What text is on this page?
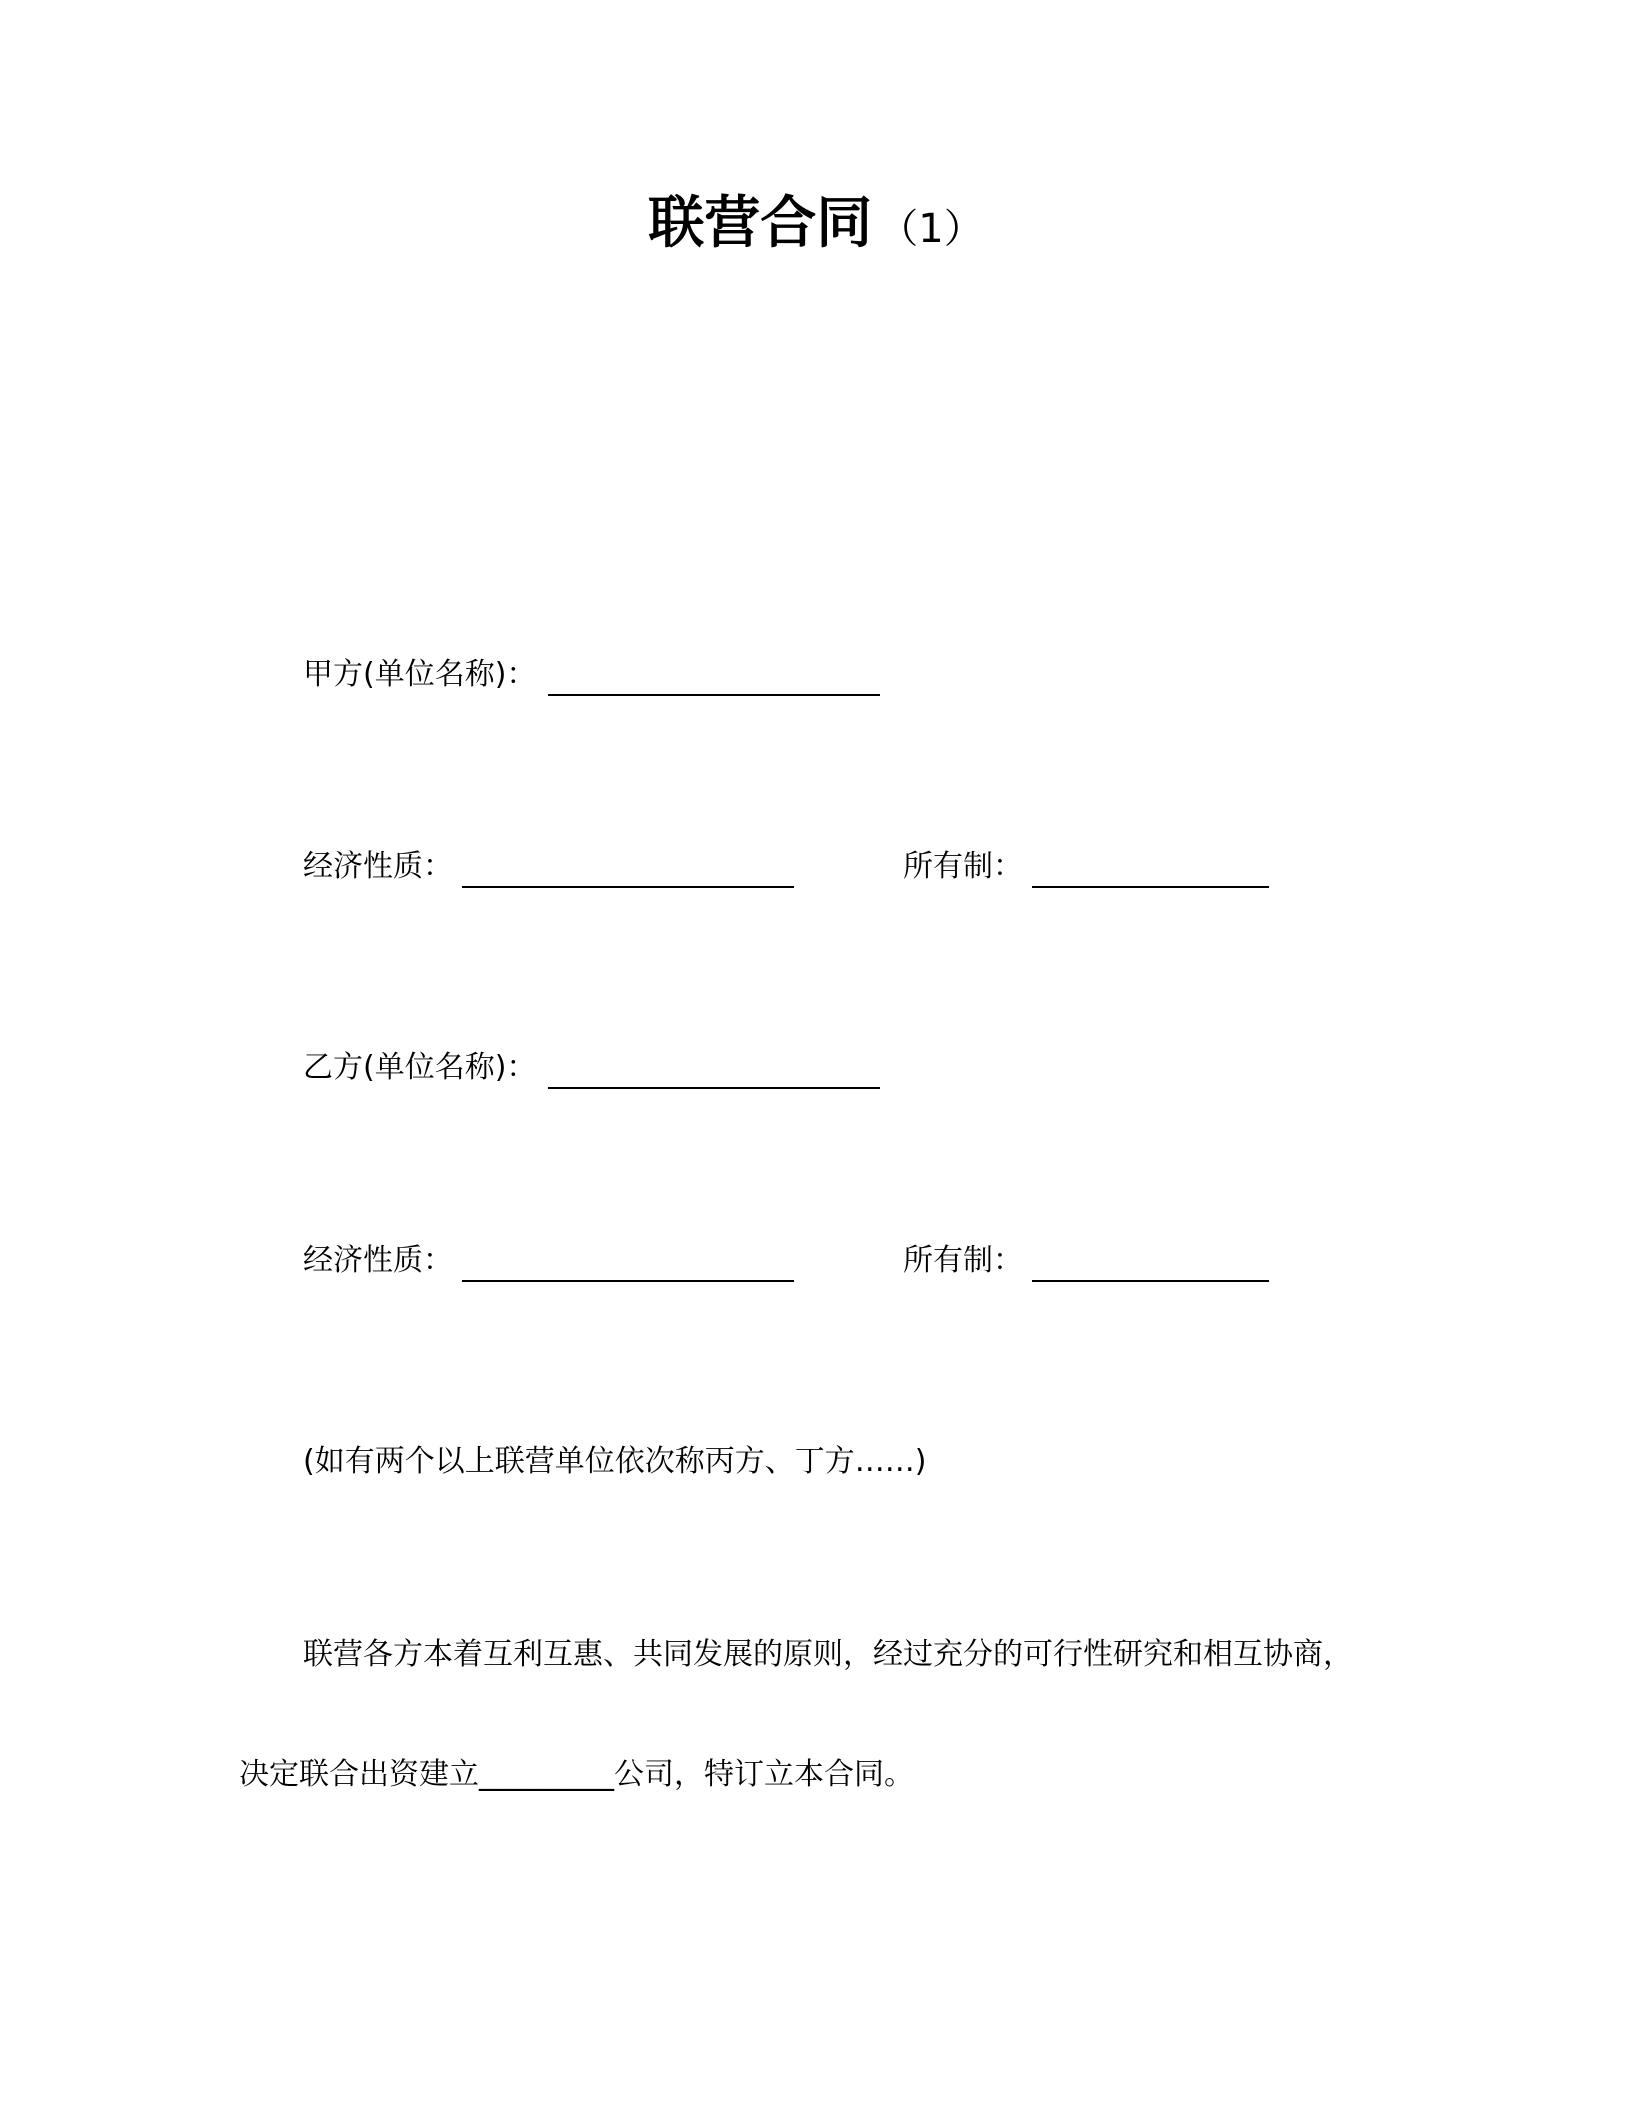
联营合同 （1）
甲方(单位名称)：
经济性质：	所有制：
乙方(单位名称)：
经济性质：	所有制：
(如有两个以上联营单位依次称丙方、丁方……)
联营各方本着互利互惠、共同发展的原则，经过充分的可行性研究和相互协商，
决定联合出资建立_________公司，特订立本合同。
